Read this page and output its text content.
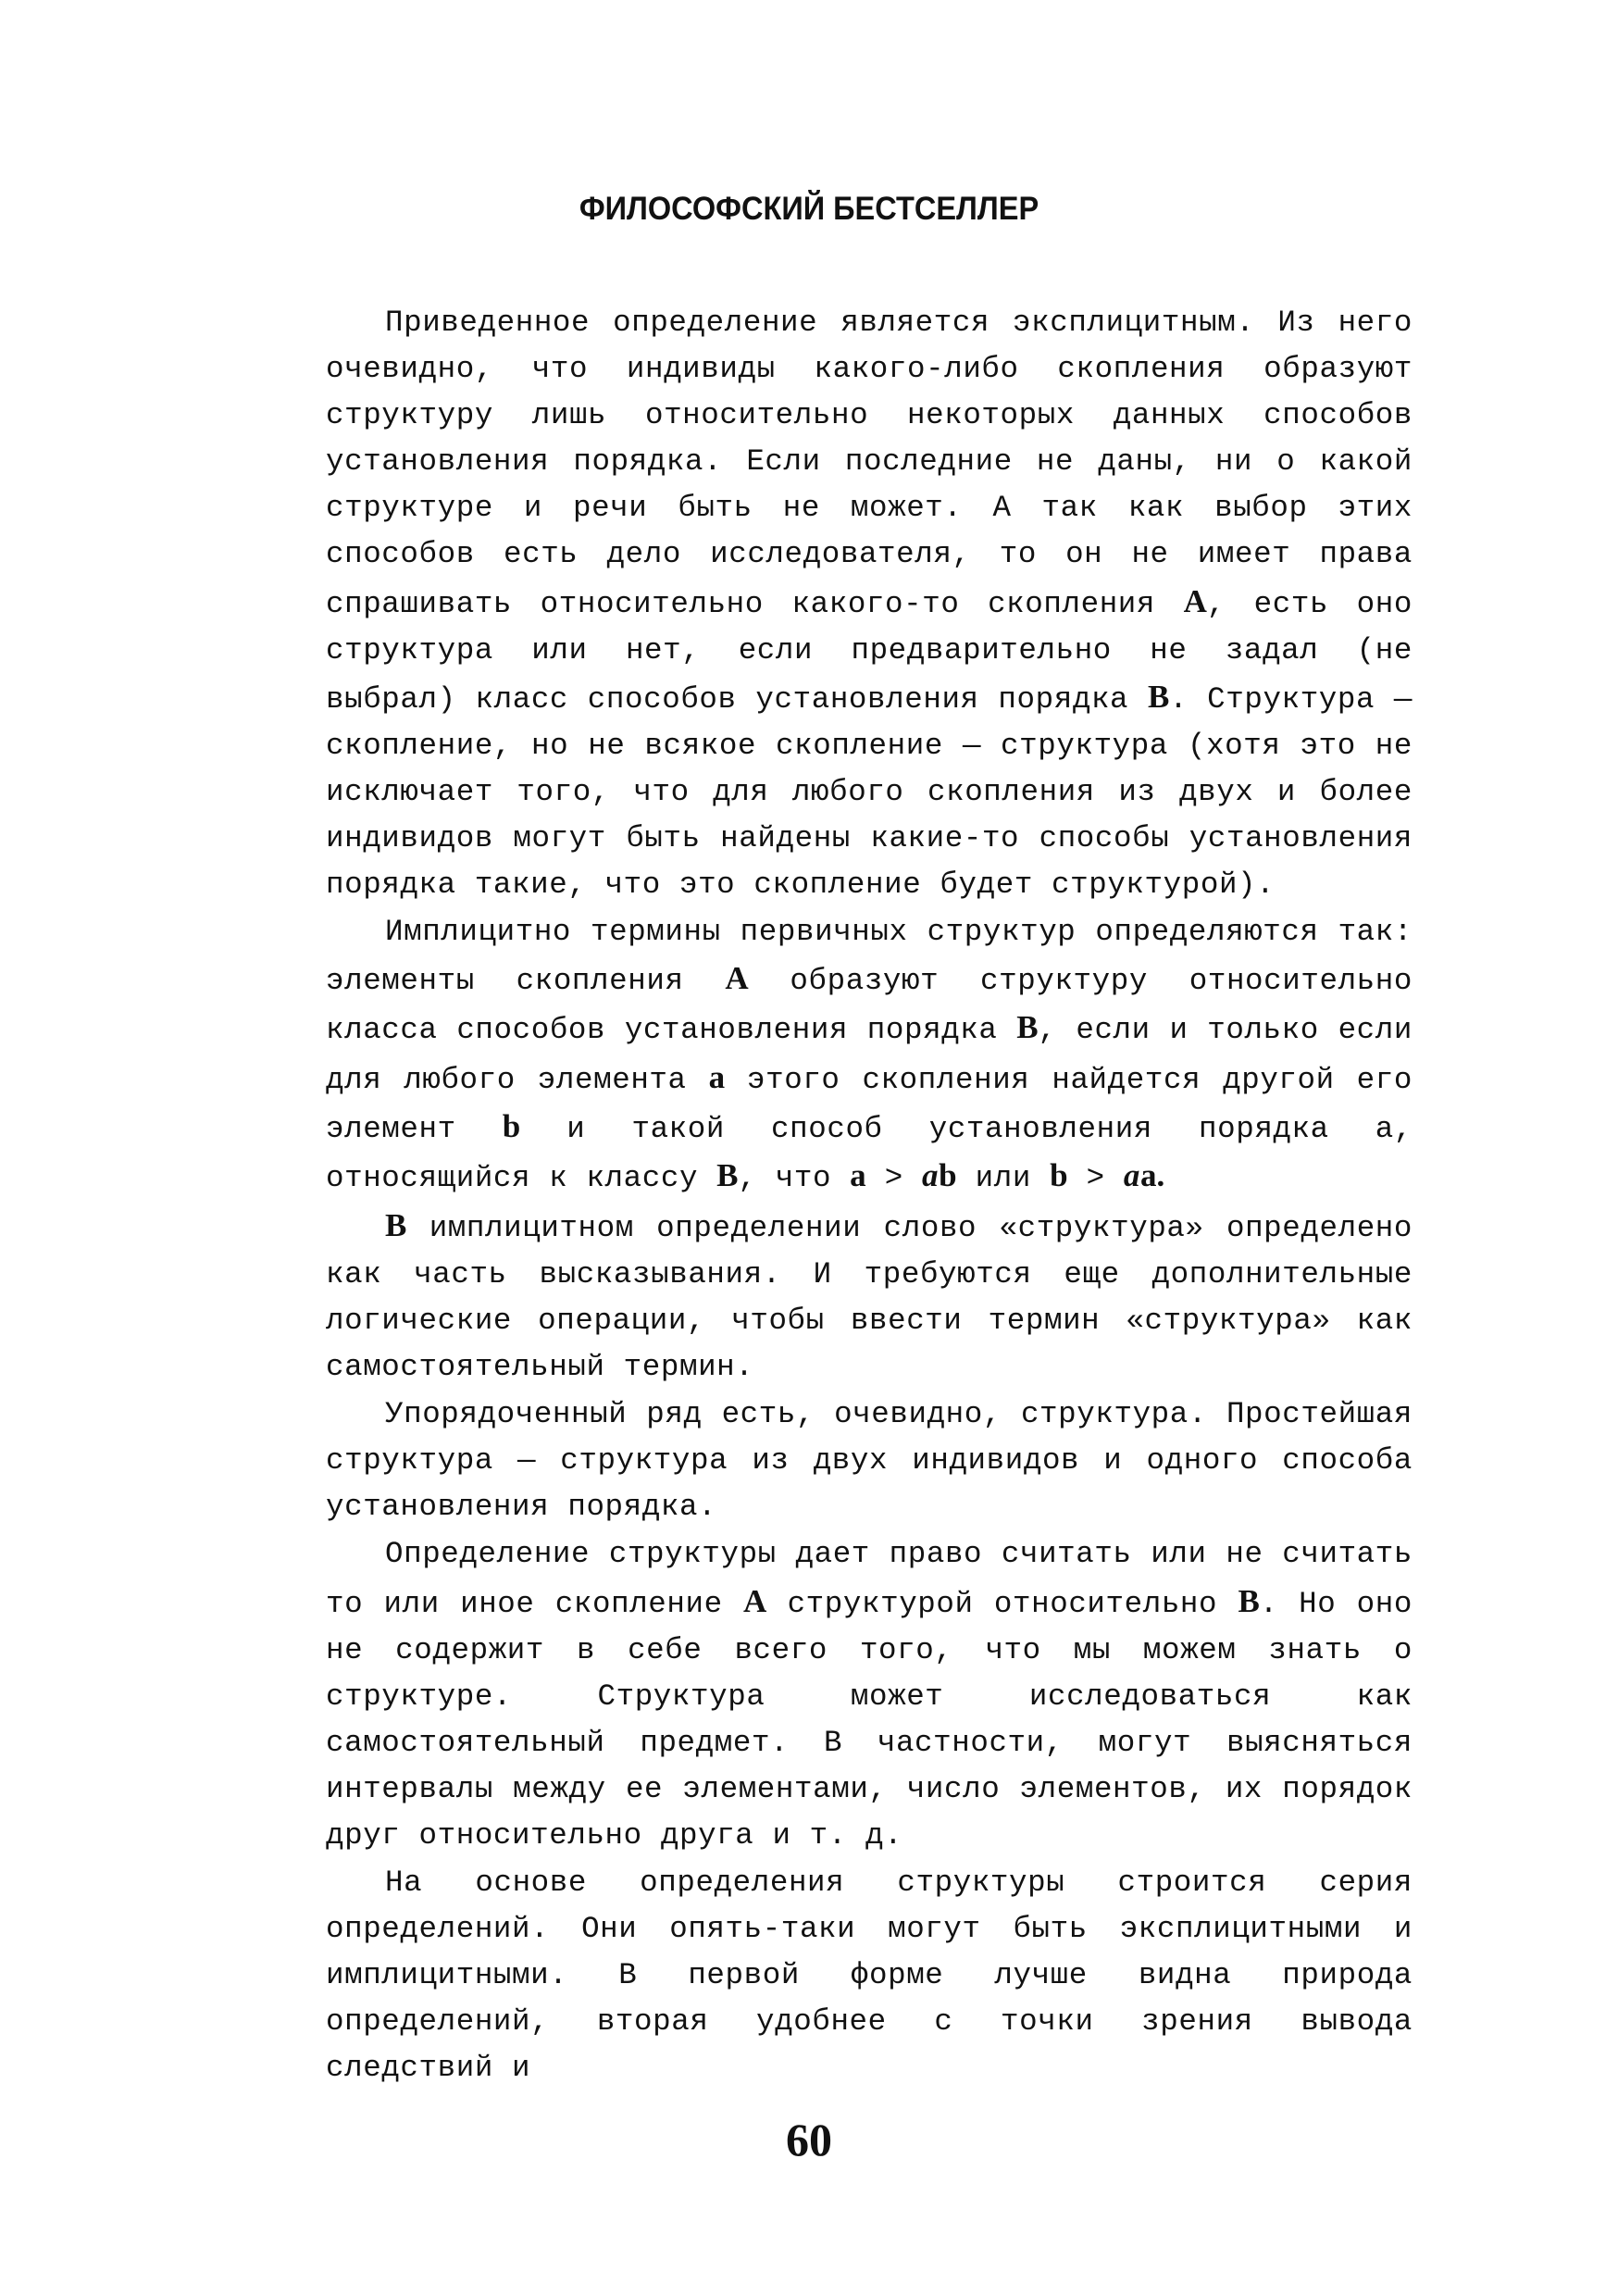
ФИЛОСОФСКИЙ БЕСТСЕЛЛЕР

Приведенное определение является эксплицитным. Из него очевидно, что индивиды какого-либо скопления образуют структуру лишь относительно некоторых данных способов установления порядка. Если последние не даны, ни о какой структуре и речи быть не может. А так как выбор этих способов есть дело исследователя, то он не имеет права спрашивать относительно какого-то скопления А, есть оно структура или нет, если предварительно не задал (не выбрал) класс способов установления порядка В. Структура — скопление, но не всякое скопление — структура (хотя это не исключает того, что для любого скопления из двух и более индивидов могут быть найдены какие-то способы установления порядка такие, что это скопление будет структурой).

Имплицитно термины первичных структур определяются так: элементы скопления А образуют структуру относительно класса способов установления порядка В, если и только если для любого элемента а этого скопления найдется другой его элемент b и такой способ установления порядка а, относящийся к классу В, что а > аb или b > аа.

В имплицитном определении слово «структура» определено как часть высказывания. И требуются еще дополнительные логические операции, чтобы ввести термин «структура» как самостоятельный термин.

Упорядоченный ряд есть, очевидно, структура. Простейшая структура — структура из двух индивидов и одного способа установления порядка.

Определение структуры дает право считать или не считать то или иное скопление А структурой относительно В. Но оно не содержит в себе всего того, что мы можем знать о структуре. Структура может исследоваться как самостоятельный предмет. В частности, могут выясняться интервалы между ее элементами, число элементов, их порядок друг относительно друга и т. д.

На основе определения структуры строится серия определений. Они опять-таки могут быть эксплицитными и имплицитными. В первой форме лучше видна природа определений, вторая удобнее с точки зрения вывода следствий и

60
